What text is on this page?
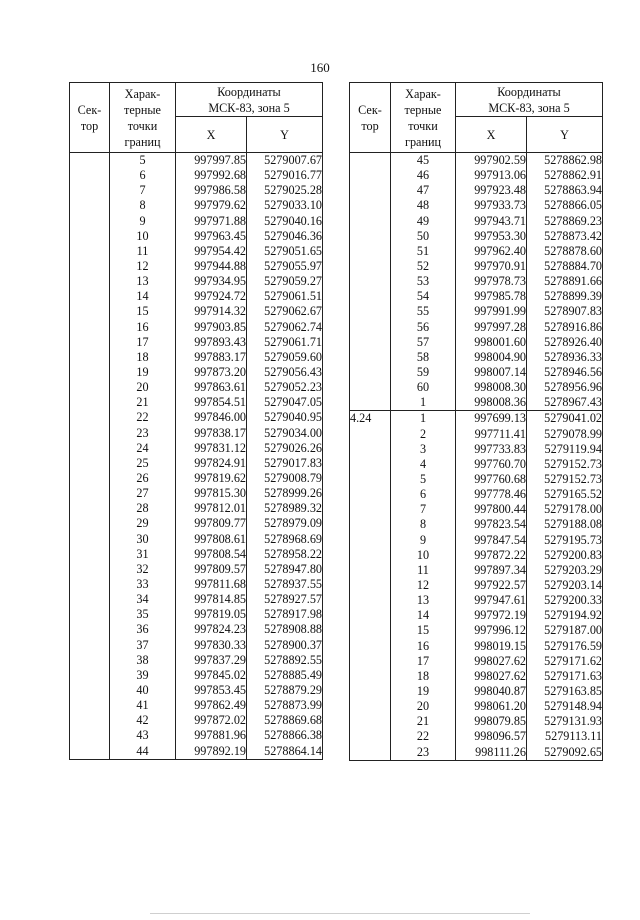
160
Сек-
тор	Харак-
терные
точки
границ	Координаты
МСК-83, зона 5	
		X	Y
	5	997997.85	5279007.67
	6	997992.68	5279016.77
	7	997986.58	5279025.28
	8	997979.62	5279033.10
	9	997971.88	5279040.16
	10	997963.45	5279046.36
	11	997954.42	5279051.65
	12	997944.88	5279055.97
	13	997934.95	5279059.27
	14	997924.72	5279061.51
	15	997914.32	5279062.67
	16	997903.85	5279062.74
	17	997893.43	5279061.71
	18	997883.17	5279059.60
	19	997873.20	5279056.43
	20	997863.61	5279052.23
	21	997854.51	5279047.05
	22	997846.00	5279040.95
	23	997838.17	5279034.00
	24	997831.12	5279026.26
	25	997824.91	5279017.83
	26	997819.62	5279008.79
	27	997815.30	5278999.26
	28	997812.01	5278989.32
	29	997809.77	5278979.09
	30	997808.61	5278968.69
	31	997808.54	5278958.22
	32	997809.57	5278947.80
	33	997811.68	5278937.55
	34	997814.85	5278927.57
	35	997819.05	5278917.98
	36	997824.23	5278908.88
	37	997830.33	5278900.37
	38	997837.29	5278892.55
	39	997845.02	5278885.49
	40	997853.45	5278879.29
	41	997862.49	5278873.99
	42	997872.02	5278869.68
	43	997881.96	5278866.38
	44	997892.19	5278864.14
Сек-
тор	Харак-
терные
точки
границ	Координаты
МСК-83, зона 5	
		X	Y
	45	997902.59	5278862.98
	46	997913.06	5278862.91
	47	997923.48	5278863.94
	48	997933.73	5278866.05
	49	997943.71	5278869.23
	50	997953.30	5278873.42
	51	997962.40	5278878.60
	52	997970.91	5278884.70
	53	997978.73	5278891.66
	54	997985.78	5278899.39
	55	997991.99	5278907.83
	56	997997.28	5278916.86
	57	998001.60	5278926.40
	58	998004.90	5278936.33
	59	998007.14	5278946.56
	60	998008.30	5278956.96
	1	998008.36	5278967.43
4.24	1	997699.13	5279041.02
	2	997711.41	5279078.99
	3	997733.83	5279119.94
	4	997760.70	5279152.73
	5	997760.68	5279152.73
	6	997778.46	5279165.52
	7	997800.44	5279178.00
	8	997823.54	5279188.08
	9	997847.54	5279195.73
	10	997872.22	5279200.83
	11	997897.34	5279203.29
	12	997922.57	5279203.14
	13	997947.61	5279200.33
	14	997972.19	5279194.92
	15	997996.12	5279187.00
	16	998019.15	5279176.59
	17	998027.62	5279171.62
	18	998027.62	5279171.63
	19	998040.87	5279163.85
	20	998061.20	5279148.94
	21	998079.85	5279131.93
	22	998096.57	5279113.11
	23	998111.26	5279092.65
